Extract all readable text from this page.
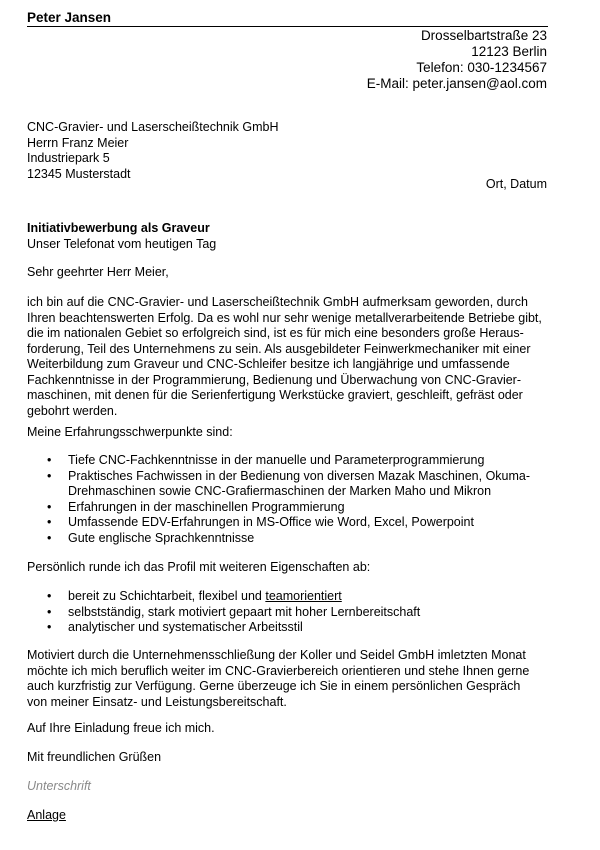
Peter Jansen
Drosselbartstraße 23
12123 Berlin
Telefon: 030-1234567
E-Mail: peter.jansen@aol.com
CNC-Gravier- und Laserscheißtechnik GmbH
Herrn Franz Meier
Industriepark 5
12345 Musterstadt
Ort, Datum
Initiativbewerbung als Graveur
Unser Telefonat vom heutigen Tag

Sehr geehrter Herr Meier,

ich bin auf die CNC-Gravier- und Laserscheißtechnik GmbH aufmerksam geworden, durch
Ihren beachtenswerten Erfolg. Da es wohl nur sehr wenige metallverarbeitende Betriebe gibt,
die im nationalen Gebiet so erfolgreich sind, ist es für mich eine besonders große Heraus-
forderung, Teil des Unternehmens zu sein. Als ausgebildeter Feinwerkmechaniker mit einer
Weiterbildung zum Graveur und CNC-Schleifer besitze ich langjährige und umfassende
Fachkenntnisse in der Programmierung, Bedienung und Überwachung von CNC-Gravier-
maschinen, mit denen für die Serienfertigung Werkstücke graviert, geschleift, gefräst oder
gebohrt werden.

Meine Erfahrungsschwerpunkte sind:

• Tiefe CNC-Fachkenntnisse in der manuelle und Parameterprogrammierung
• Praktisches Fachwissen in der Bedienung von diversen Mazak Maschinen, Okuma-
Drehmaschinen sowie CNC-Grafiermaschinen der Marken Maho und Mikron
• Erfahrungen in der maschinellen Programmierung
• Umfassende EDV-Erfahrungen in MS-Office wie Word, Excel, Powerpoint
• Gute englische Sprachkenntnisse

Persönlich runde ich das Profil mit weiteren Eigenschaften ab:

• bereit zu Schichtarbeit, flexibel und teamorientiert
• selbstständig, stark motiviert gepaart mit hoher Lernbereitschaft
• analytischer und systematischer Arbeitsstil
Motiviert durch die Unternehmensschließung der Koller und Seidel GmbH imletzten Monat
möchte ich mich beruflich weiter im CNC-Gravierbereich orientieren und stehe Ihnen gerne
auch kurzfristig zur Verfügung. Gerne überzeuge ich Sie in einem persönlichen Gespräch
von meiner Einsatz- und Leistungsbereitschaft.

Auf Ihre Einladung freue ich mich.

Mit freundlichen Grüßen

Unterschrift

Anlage
